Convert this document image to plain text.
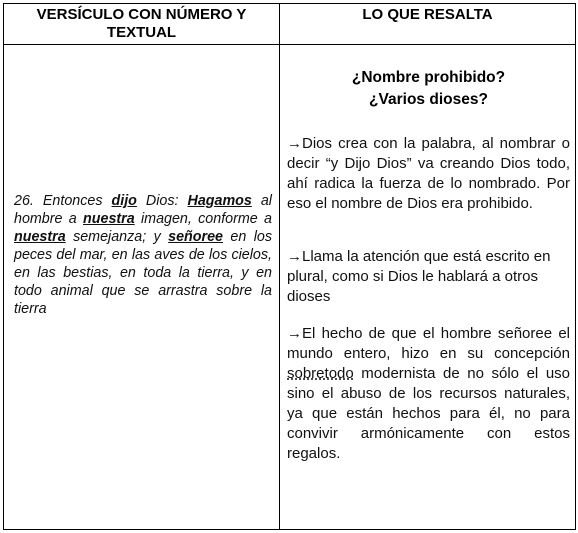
VERSÍCULO CON NÚMERO Y TEXTUAL
LO QUE RESALTA
26. Entonces dijo Dios: Hagamos al hombre a nuestra imagen, conforme a nuestra semejanza; y señoree en los peces del mar, en las aves de los cielos, en las bestias, en toda la tierra, y en todo animal que se arrastra sobre la tierra
¿Nombre prohibido?
¿Varios dioses?
→Dios crea con la palabra, al nombrar o decir “y Dijo Dios” va creando Dios todo, ahí radica la fuerza de lo nombrado. Por eso el nombre de Dios era prohibido.
→Llama la atención que está escrito en plural, como si Dios le hablará a otros dioses
→El hecho de que el hombre señoree el mundo entero, hizo en su concepción sobretodo modernista de no sólo el uso sino el abuso de los recursos naturales, ya que están hechos para él, no para convivir armónicamente con estos regalos.
